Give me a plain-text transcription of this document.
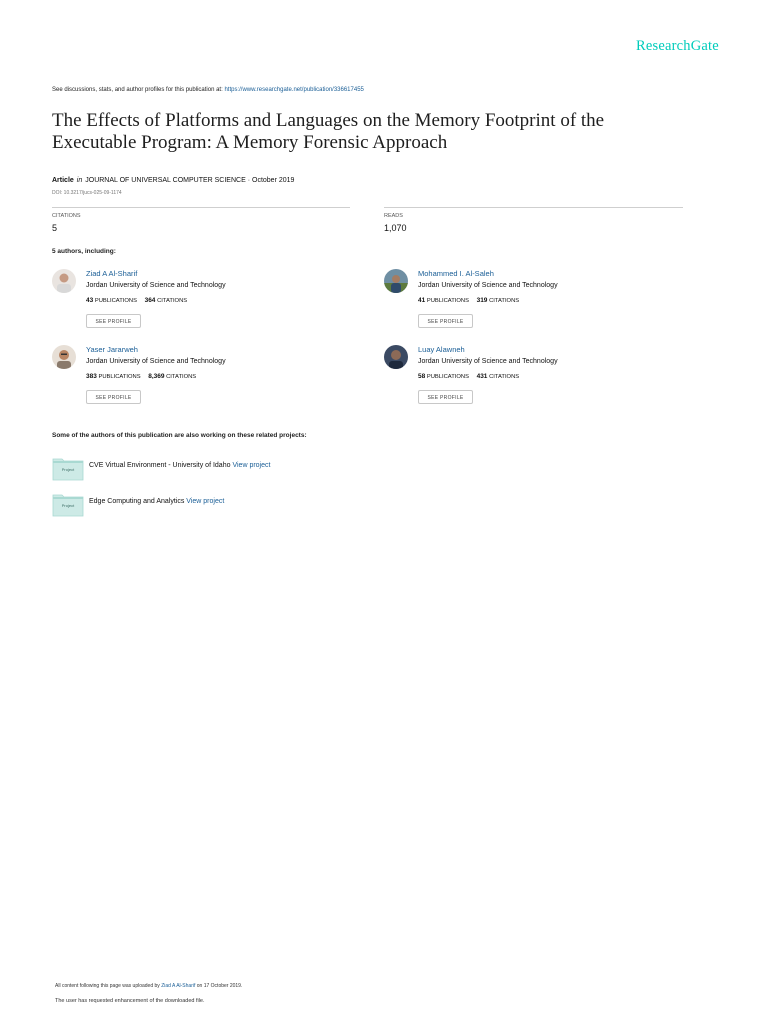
ResearchGate
See discussions, stats, and author profiles for this publication at: https://www.researchgate.net/publication/336617455
The Effects of Platforms and Languages on the Memory Footprint of the
Executable Program: A Memory Forensic Approach
Article in JOURNAL OF UNIVERSAL COMPUTER SCIENCE · October 2019
DOI: 10.3217/jucs-025-09-1174
CITATIONS
5
READS
1,070
5 authors, including:
Ziad A Al-Sharif
Jordan University of Science and Technology
43 PUBLICATIONS 364 CITATIONS
SEE PROFILE
Mohammed I. Al-Saleh
Jordan University of Science and Technology
41 PUBLICATIONS 319 CITATIONS
SEE PROFILE
Yaser Jararweh
Jordan University of Science and Technology
383 PUBLICATIONS 8,369 CITATIONS
SEE PROFILE
Luay Alawneh
Jordan University of Science and Technology
58 PUBLICATIONS 431 CITATIONS
SEE PROFILE
Some of the authors of this publication are also working on these related projects:
Project
CVE Virtual Environment - University of Idaho View project
Project
Edge Computing and Analytics View project
All content following this page was uploaded by Ziad A Al-Sharif on 17 October 2019.
The user has requested enhancement of the downloaded file.
